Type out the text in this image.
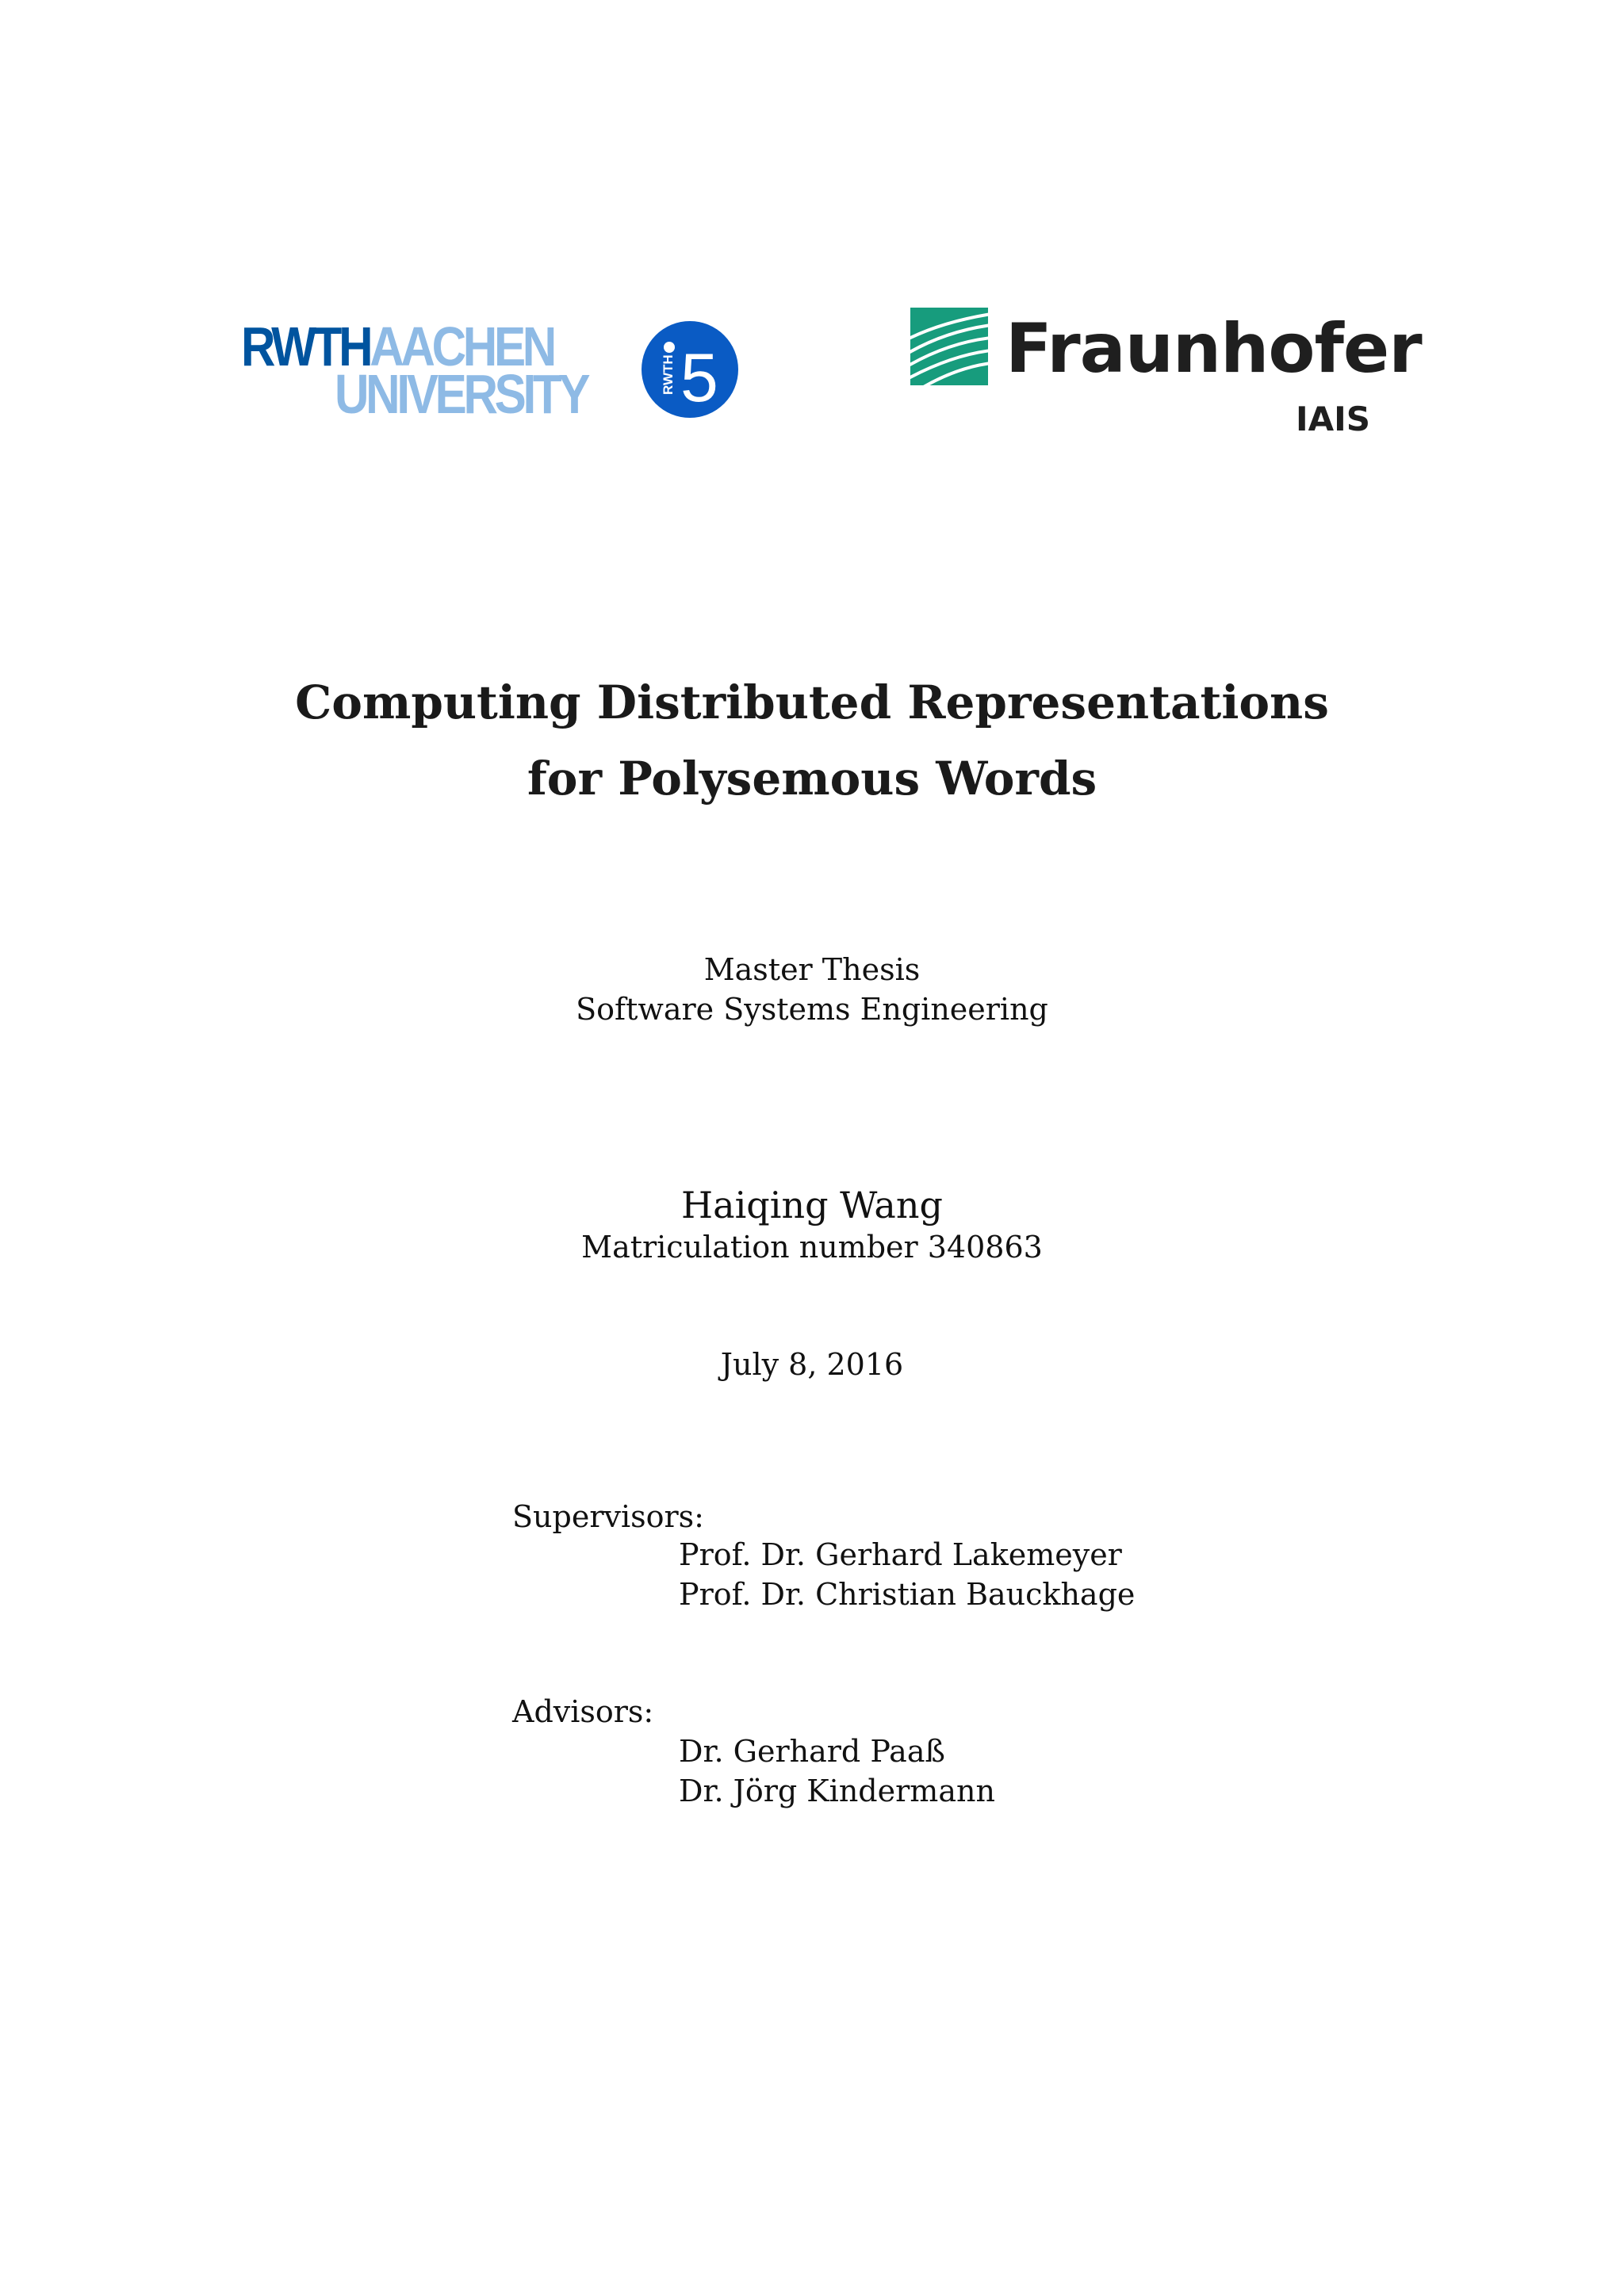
RWTHAACHEN
UNIVERSITY	RWTH 5	Fraunhofer
IAIS
Computing Distributed Representations
for Polysemous Words
Master Thesis
Software Systems Engineering
Haiqing Wang
Matriculation number 340863
July 8, 2016
Supervisors:
Prof. Dr. Gerhard Lakemeyer
Prof. Dr. Christian Bauckhage
Advisors:
Dr. Gerhard Paaß
Dr. Jörg Kindermann
